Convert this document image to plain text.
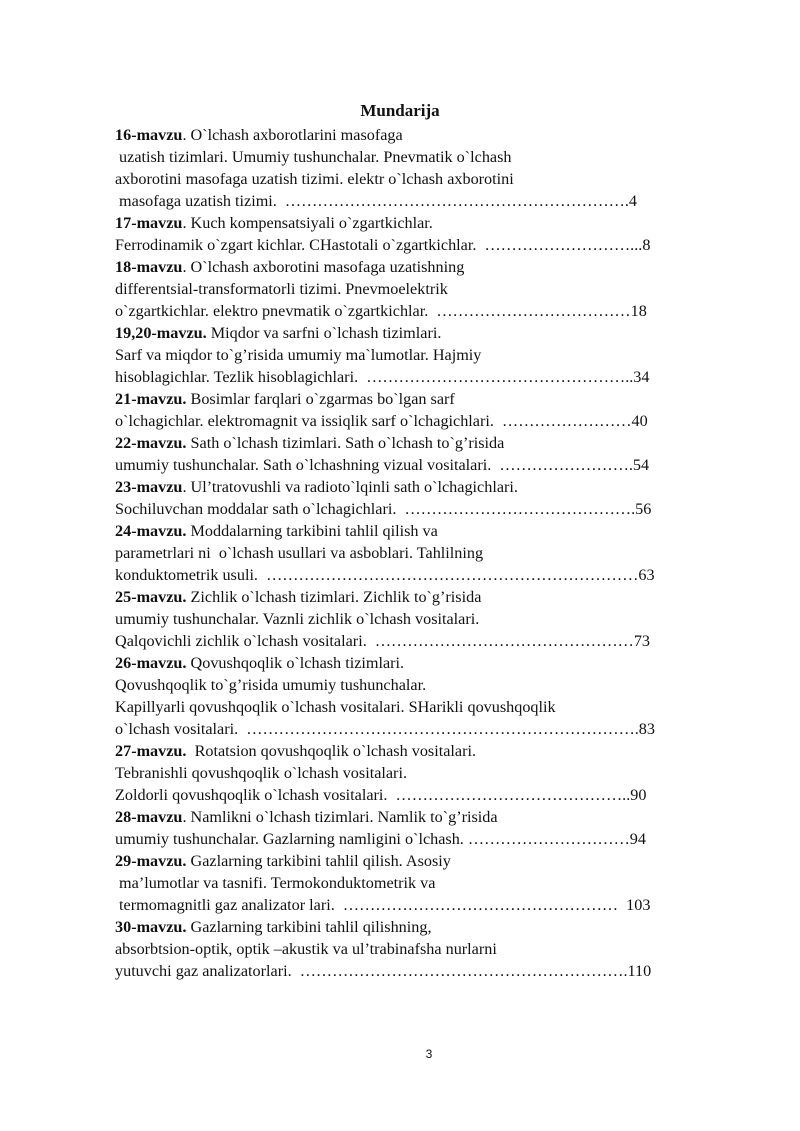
Mundarija
16-mavzu. O`lchash axborotlarini masofaga
uzatish tizimlari. Umumiy tushunchalar. Pnevmatik o`lchash
axborotini masofaga uzatish tizimi. elektr o`lchash axborotini
masofaga uzatish tizimi.  ……………………………………………………….4
17-mavzu. Kuch kompensatsiyali o`zgartkichlar.
Ferrodinamik o`zgart kichlar. CHastotali o`zgartkichlar.  ………………………...8
18-mavzu. O`lchash axborotini masofaga uzatishning
differentsial-transformatorli tizimi. Pnevmoelektrik
o`zgartkichlar. elektro pnevmatik o`zgartkichlar.  ………………………………18
19,20-mavzu. Miqdor va sarfni o`lchash tizimlari.
Sarf va miqdor to`g’risida umumiy ma`lumotlar. Hajmiy
hisoblagichlar. Tezlik hisoblagichlari.  …………………………………………..34
21-mavzu. Bosimlar farqlari o`zgarmas bo`lgan sarf
o`lchagichlar. elektromagnit va issiqlik sarf o`lchagichlari.  ……………………40
22-mavzu. Sath o`lchash tizimlari. Sath o`lchash to`g’risida
umumiy tushunchalar. Sath o`lchashning vizual vositalari.  …………………….54
23-mavzu. Ul’tratovushli va radioto`lqinli sath o`lchagichlari.
Sochiluvchan moddalar sath o`lchagichlari.  …………………………………….56
24-mavzu. Moddalarning tarkibini tahlil qilish va
parametrlari ni  o`lchash usullari va asboblari. Tahlilning
konduktometrik usuli.  ……………………………………………………………63
25-mavzu. Zichlik o`lchash tizimlari. Zichlik to`g’risida
umumiy tushunchalar. Vaznli zichlik o`lchash vositalari.
Qalqovichli zichlik o`lchash vositalari.  …………………………………………73
26-mavzu. Qovushqoqlik o`lchash tizimlari.
Qovushqoqlik to`g’risida umumiy tushunchalar.
Kapillyarli qovushqoqlik o`lchash vositalari. SHarikli qovushqoqlik
o`lchash vositalari.  ……………………………………………………………….83
27-mavzu.  Rotatsion qovushqoqlik o`lchash vositalari.
Tebranishli qovushqoqlik o`lchash vositalari.
Zoldorli qovushqoqlik o`lchash vositalari.  ……………………………………..90
28-mavzu. Namlikni o`lchash tizimlari. Namlik to`g’risida
umumiy tushunchalar. Gazlarning namligini o`lchash. …………………………94
29-mavzu. Gazlarning tarkibini tahlil qilish. Asosiy
ma’lumotlar va tasnifi. Termokonduktometrik va
termomagnitli gaz analizator lari.  ……………………………………………  103
30-mavzu. Gazlarning tarkibini tahlil qilishning,
absorbtsion-optik, optik –akustik va ul’trabinafsha nurlarni
yutuvchi gaz analizatorlari.  …………………………………………………….110
3
